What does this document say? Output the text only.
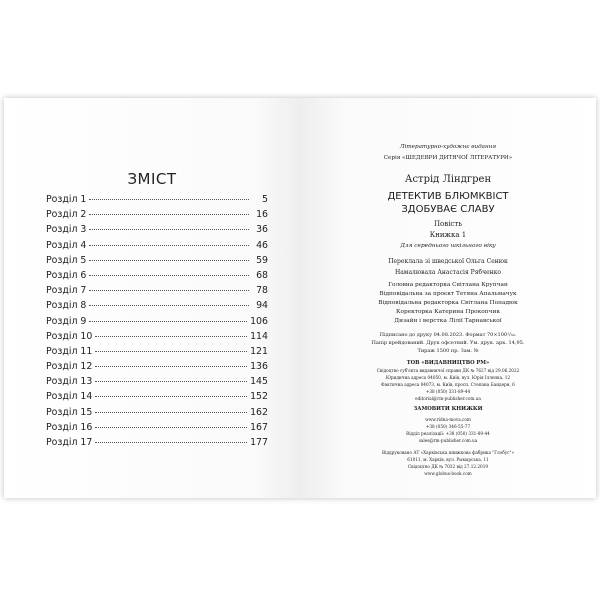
ЗМІСТ
Розділ 1	5
Розділ 2	16
Розділ 3	36
Розділ 4	46
Розділ 5	59
Розділ 6	68
Розділ 7	78
Розділ 8	94
Розділ 9	106
Розділ 10	114
Розділ 11	121
Розділ 12	136
Розділ 13	145
Розділ 14	152
Розділ 15	162
Розділ 16	167
Розділ 17	177
Літературно-художнє видання
Серія «ШЕДЕВРИ ДИТЯЧОЇ ЛІТЕРАТУРИ»
Астрід Ліндгрен
ДЕТЕКТИВ БЛЮМКВІСТ
ЗДОБУВАЄ СЛАВУ
Повість
Книжка 1
Для середнього шкільного віку
Переклала зі шведської Ольга Сенюк
Намалювала Анастасія Рябченко
Головна редакторка Світлана Крупчан
Відповідальна за проєкт Тетяна Апальмачук
Відповідальна редакторка Світлана Попадюк
Коректорка Катерина Прокопчик
Дизайн і верстка Лілії Тарнавської
Підписано до друку 04.08.2023. Формат 70×100¹/₃₂.
Папір крейдований. Друк офсетний. Ум. друк. арк. 14,95.
Тираж 1500 пр. Зам. №
ТОВ «ВИДАВНИЦТВО РМ»
Свідоцтво суб'єкта видавничої справи ДК № 7627 від 29.06.2022
Юридична адреса 04050, м. Київ, вул. Юрія Іллєнка, 12
Фактична адреса 04073, м. Київ, просп. Степана Бандери, 6
+38 (050) 331-89-44
editorial@rm-publisher.com.ua
ЗАМОВИТИ КНИЖКИ
www.ridna-mova.com
+38 (050) 346-55-77
Відділ реалізації: +38 (050) 331-89-44
sales@rm-publisher.com.ua
Віддруковано АТ «Харківська книжкова фабрика "Глобус"»
61011, м. Харків, вул. Рымарська, 11
Свідоцтво ДК № 7032 від 27.12.2019
www.globus-book.com
